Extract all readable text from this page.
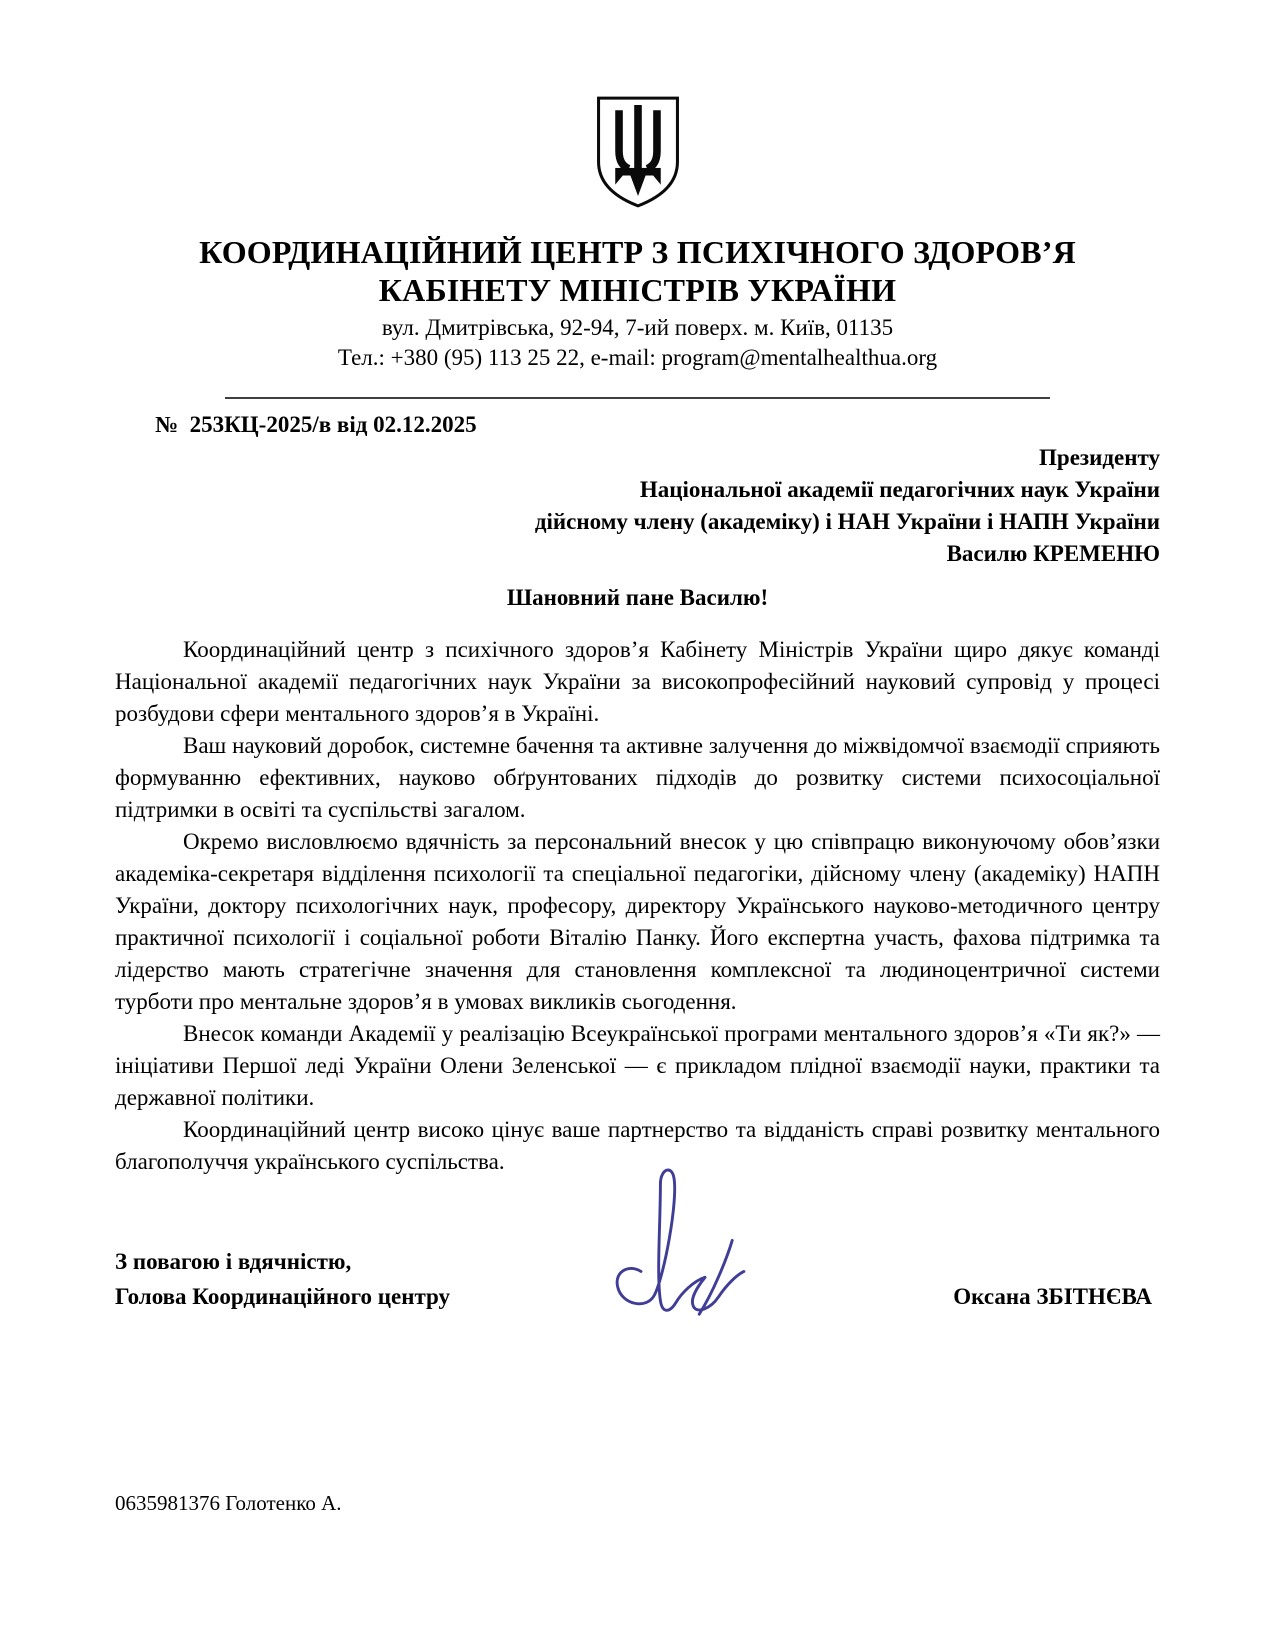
КООРДИНАЦІЙНИЙ ЦЕНТР З ПСИХІЧНОГО ЗДОРОВ’Я
КАБІНЕТУ МІНІСТРІВ УКРАЇНИ
вул. Дмитрівська, 92-94, 7-ий поверх. м. Київ, 01135
Тел.: +380 (95) 113 25 22, e-mail: program@mentalhealthua.org
№  253КЦ-2025/в від 02.12.2025
Президенту
Національної академії педагогічних наук України
дійсному члену (академіку) і НАН України і НАПН України
Василю КРЕМЕНЮ
Шановний пане Василю!

Координаційний центр з психічного здоров’я Кабінету Міністрів України щиро дякує команді Національної академії педагогічних наук України за високопрофесійний науковий супровід у процесі розбудови сфери ментального здоров’я в Україні.

Ваш науковий доробок, системне бачення та активне залучення до міжвідомчої взаємодії сприяють формуванню ефективних, науково обґрунтованих підходів до розвитку системи психосоціальної підтримки в освіті та суспільстві загалом.

Окремо висловлюємо вдячність за персональний внесок у цю співпрацю виконуючому обов’язки академіка-секретаря відділення психології та спеціальної педагогіки, дійсному члену (академіку) НАПН України, доктору психологічних наук, професору, директору Українського науково-методичного центру практичної психології і соціальної роботи Віталію Панку. Його експертна участь, фахова підтримка та лідерство мають стратегічне значення для становлення комплексної та людиноцентричної системи турботи про ментальне здоров’я в умовах викликів сьогодення.

Внесок команди Академії у реалізацію Всеукраїнської програми ментального здоров’я «Ти як?» — ініціативи Першої леді України Олени Зеленської — є прикладом плідної взаємодії науки, практики та державної політики.

Координаційний центр високо цінує ваше партнерство та відданість справі розвитку ментального благополуччя українського суспільства.

З повагою і вдячністю,
Голова Координаційного центру	Оксана ЗБІТНЄВА
0635981376 Голотенко А.
